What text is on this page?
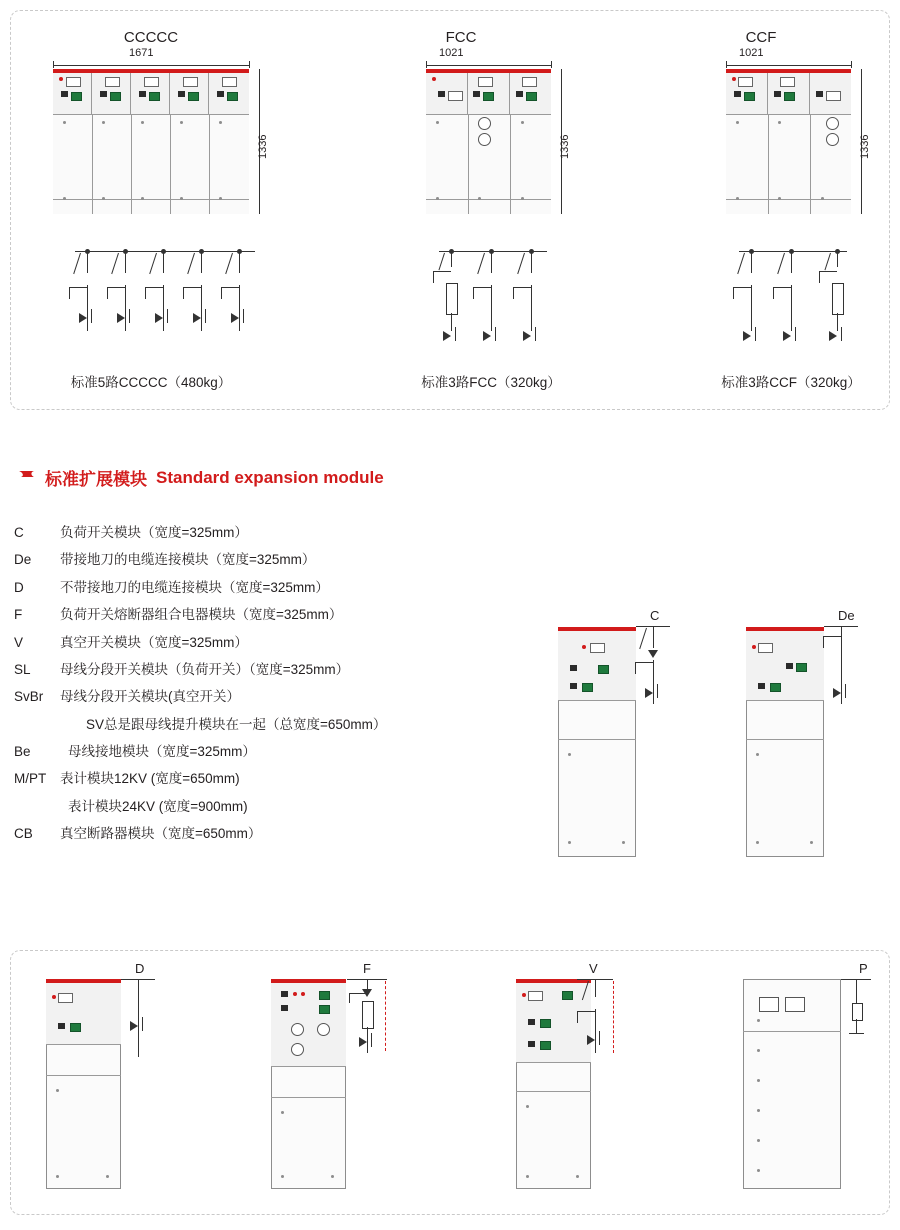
CCCCC
1671
1336
标准5路CCCCC（480kg）
FCC
1021
1336
标准3路FCC（320kg）
CCF
1021
1336
标准3路CCF（320kg）
标准扩展模块 Standard expansion module
C	负荷开关模块（宽度=325mm）
De	带接地刀的电缆连接模块（宽度=325mm）
D	不带接地刀的电缆连接模块（宽度=325mm）
F	负荷开关熔断器组合电器模块（宽度=325mm）
V	真空开关模块（宽度=325mm）
SL	母线分段开关模块（负荷开关）（宽度=325mm）
SvBr	母线分段开关模块(真空开关）
SV总是跟母线提升模块在一起（总宽度=650mm）
Be	母线接地模块（宽度=325mm）
M/PT	表计模块12KV (宽度=650mm)
表计模块24KV (宽度=900mm)
CB	真空断路器模块（宽度=650mm）
C	De
D	F	V	P
